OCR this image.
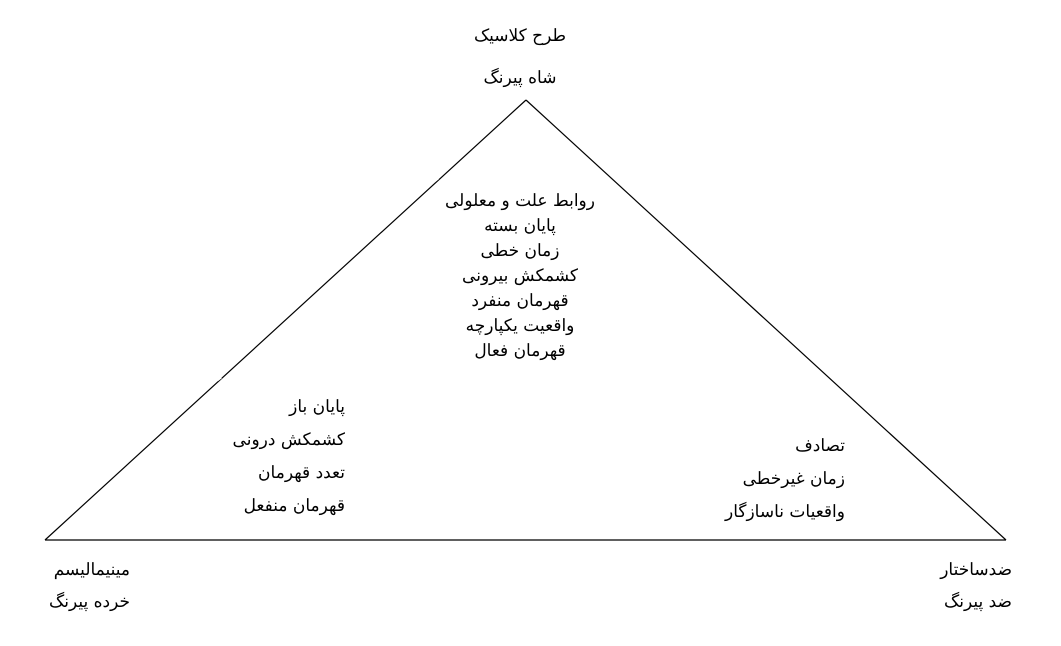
طرح کلاسیک
شاه پیرنگ
روابط علت و معلولی
پایان بسته
زمان خطی
کشمکش بیرونی
قهرمان منفرد
واقعیت یکپارچه
قهرمان فعال
پایان باز
کشمکش درونی
تعدد قهرمان
قهرمان منفعل
تصادف
زمان غیرخطی
واقعیات ناسازگار
مینیمالیسم
خرده پیرنگ
ضدساختار
ضد پیرنگ
